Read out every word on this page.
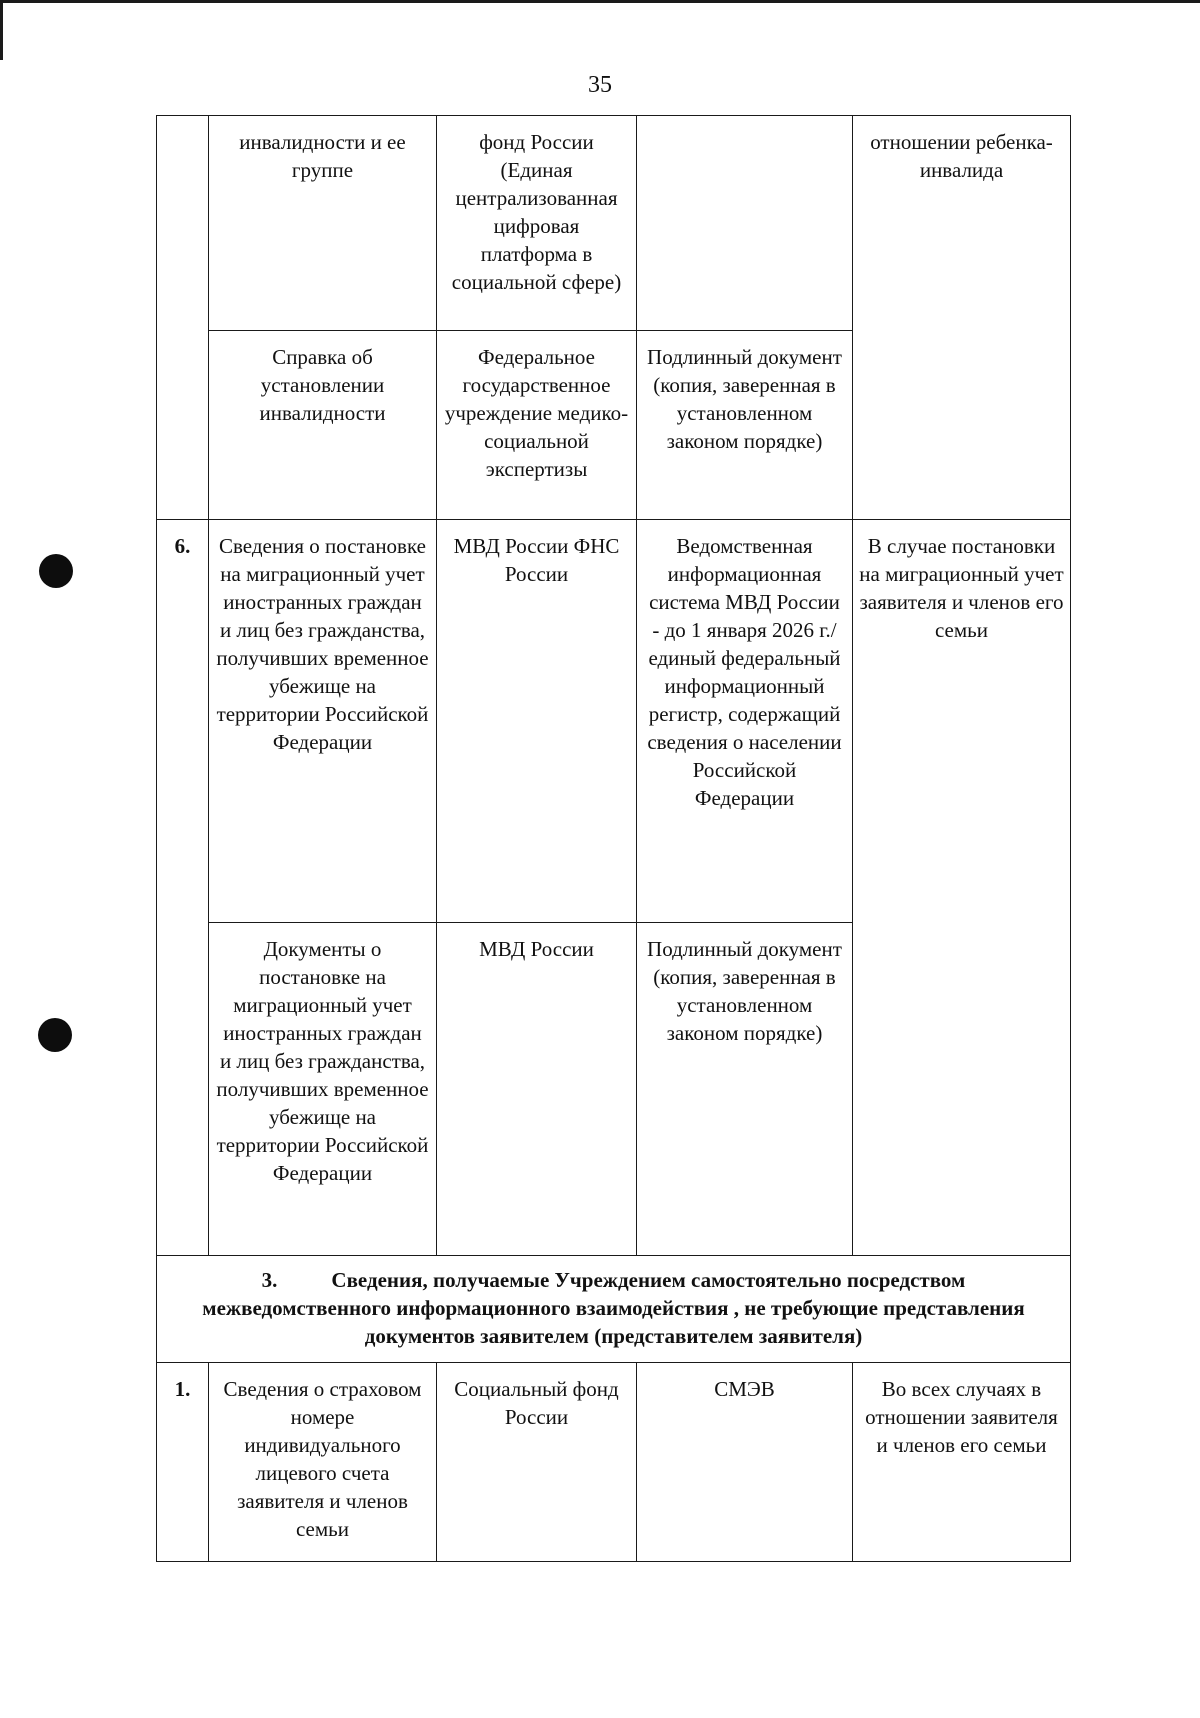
35
	инвалидности и ее группе	фонд России (Единая централизованная цифровая платформа в социальной сфере)		отношении ребенка-инвалида
	Справка об установлении инвалидности	Федеральное государственное учреждение медико-социальной экспертизы	Подлинный документ (копия, заверенная в установленном законом порядке)	
6.	Сведения о постановке на миграционный учет иностранных граждан и лиц без гражданства, получивших временное убежище на территории Российской Федерации	МВД России ФНС России	Ведомственная информационная система МВД России - до 1 января 2026 г./единый федеральный информационный регистр, содержащий сведения о населении Российской Федерации	В случае постановки на миграционный учет заявителя и членов его семьи
	Документы о постановке на миграционный учет иностранных граждан и лиц без гражданства, получивших временное убежище на территории Российской Федерации	МВД России	Подлинный документ (копия, заверенная в установленном законом порядке)	
3. Сведения, получаемые Учреждением самостоятельно посредством межведомственного информационного взаимодействия , не требующие представления документов заявителем (представителем заявителя)				
1.	Сведения о страховом номере индивидуального лицевого счета заявителя и членов семьи	Социальный фонд России	СМЭВ	Во всех случаях в отношении заявителя и членов его семьи
